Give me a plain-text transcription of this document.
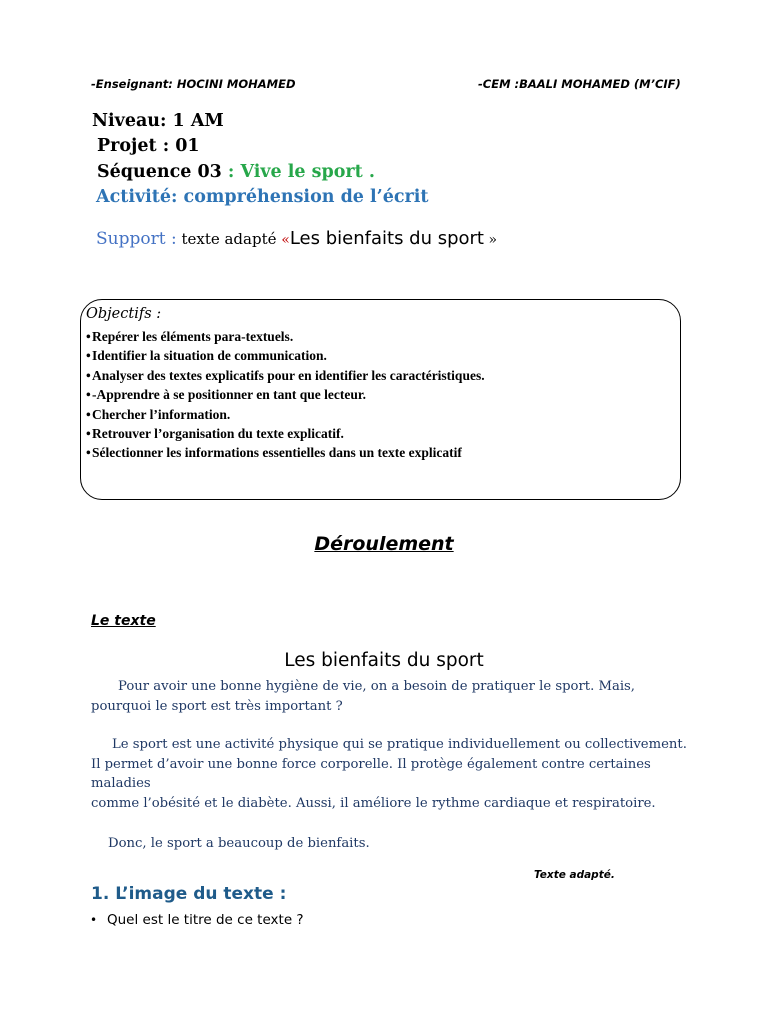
-Enseignant: HOCINI MOHAMED	-CEM :BAALI MOHAMED (M’CIF)
Niveau: 1 AM
Projet : 01
Séquence 03 : Vive le sport .
Activité: compréhension de l’écrit
Support : texte adapté «Les bienfaits du sport »
Objectifs :
•Repérer les éléments para-textuels.
•Identifier la situation de communication.
•Analyser des textes explicatifs pour en identifier les caractéristiques.
•-Apprendre à se positionner en tant que lecteur.
•Chercher l’information.
•Retrouver l’organisation du texte explicatif.
•Sélectionner les informations essentielles dans un texte explicatif
Déroulement
Le texte
Les bienfaits du sport
Pour avoir une bonne hygiène de vie, on a besoin de pratiquer le sport. Mais,
pourquoi le sport est très important ?
Le sport est une activité physique qui se pratique individuellement ou collectivement.
Il permet d’avoir une bonne force corporelle. Il protège également contre certaines
maladies
comme l’obésité et le diabète. Aussi, il améliore le rythme cardiaque et respiratoire.
Donc, le sport a beaucoup de bienfaits.
Texte adapté.
1. L’image du texte :
• Quel est le titre de ce texte ?
